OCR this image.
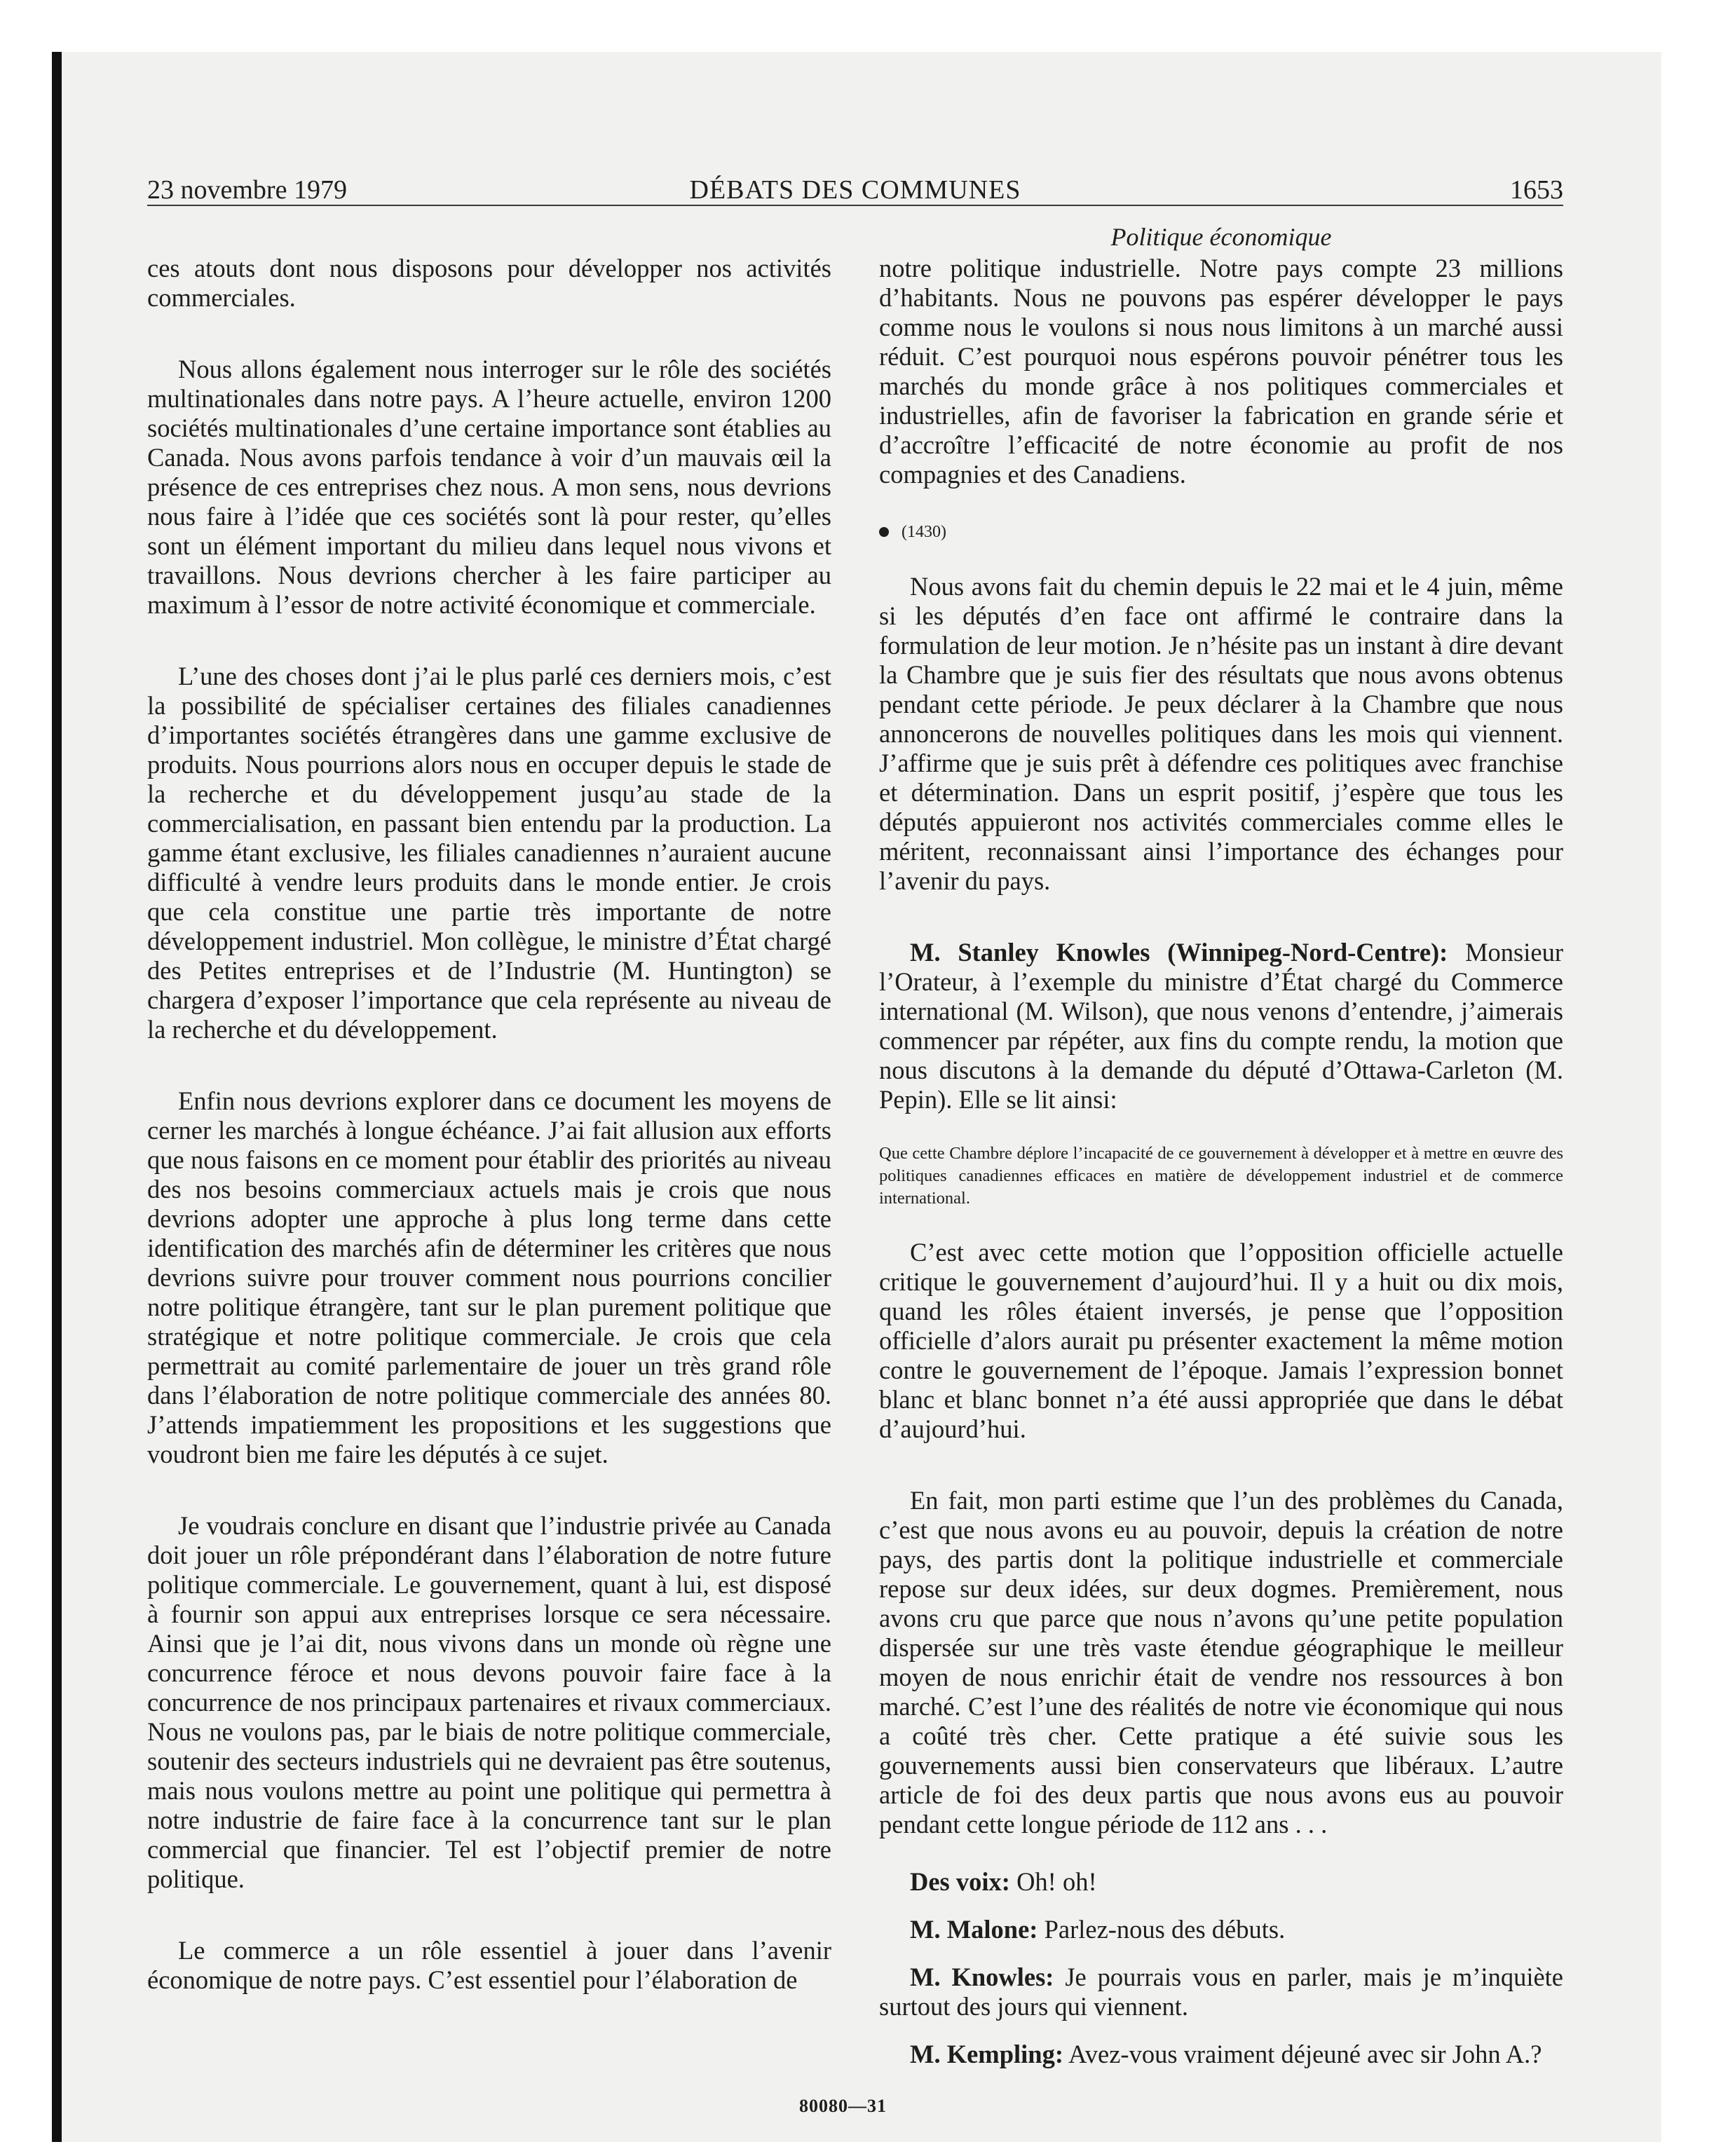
23 novembre 1979	DÉBATS DES COMMUNES	1653
Politique économique

ces atouts dont nous disposons pour développer nos activités commerciales.

Nous allons également nous interroger sur le rôle des sociétés multinationales dans notre pays. A l’heure actuelle, environ 1200 sociétés multinationales d’une certaine importance sont établies au Canada. Nous avons parfois tendance à voir d’un mauvais œil la présence de ces entreprises chez nous. A mon sens, nous devrions nous faire à l’idée que ces sociétés sont là pour rester, qu’elles sont un élément important du milieu dans lequel nous vivons et travaillons. Nous devrions chercher à les faire participer au maximum à l’essor de notre activité économique et commerciale.

L’une des choses dont j’ai le plus parlé ces derniers mois, c’est la possibilité de spécialiser certaines des filiales canadiennes d’importantes sociétés étrangères dans une gamme exclusive de produits. Nous pourrions alors nous en occuper depuis le stade de la recherche et du développement jusqu’au stade de la commercialisation, en passant bien entendu par la production. La gamme étant exclusive, les filiales canadiennes n’auraient aucune difficulté à vendre leurs produits dans le monde entier. Je crois que cela constitue une partie très importante de notre développement industriel. Mon collègue, le ministre d’État chargé des Petites entreprises et de l’Industrie (M. Huntington) se chargera d’exposer l’importance que cela représente au niveau de la recherche et du développement.

Enfin nous devrions explorer dans ce document les moyens de cerner les marchés à longue échéance. J’ai fait allusion aux efforts que nous faisons en ce moment pour établir des priorités au niveau des nos besoins commerciaux actuels mais je crois que nous devrions adopter une approche à plus long terme dans cette identification des marchés afin de déterminer les critères que nous devrions suivre pour trouver comment nous pourrions concilier notre politique étrangère, tant sur le plan purement politique que stratégique et notre politique commerciale. Je crois que cela permettrait au comité parlementaire de jouer un très grand rôle dans l’élaboration de notre politique commerciale des années 80. J’attends impatiemment les propositions et les suggestions que voudront bien me faire les députés à ce sujet.

Je voudrais conclure en disant que l’industrie privée au Canada doit jouer un rôle prépondérant dans l’élaboration de notre future politique commerciale. Le gouvernement, quant à lui, est disposé à fournir son appui aux entreprises lorsque ce sera nécessaire. Ainsi que je l’ai dit, nous vivons dans un monde où règne une concurrence féroce et nous devons pouvoir faire face à la concurrence de nos principaux partenaires et rivaux commerciaux. Nous ne voulons pas, par le biais de notre politique commerciale, soutenir des secteurs industriels qui ne devraient pas être soutenus, mais nous voulons mettre au point une politique qui permettra à notre industrie de faire face à la concurrence tant sur le plan commercial que financier. Tel est l’objectif premier de notre politique.

Le commerce a un rôle essentiel à jouer dans l’avenir économique de notre pays. C’est essentiel pour l’élaboration de

notre politique industrielle. Notre pays compte 23 millions d’habitants. Nous ne pouvons pas espérer développer le pays comme nous le voulons si nous nous limitons à un marché aussi réduit. C’est pourquoi nous espérons pouvoir pénétrer tous les marchés du monde grâce à nos politiques commerciales et industrielles, afin de favoriser la fabrication en grande série et d’accroître l’efficacité de notre économie au profit de nos compagnies et des Canadiens.

(1430)

Nous avons fait du chemin depuis le 22 mai et le 4 juin, même si les députés d’en face ont affirmé le contraire dans la formulation de leur motion. Je n’hésite pas un instant à dire devant la Chambre que je suis fier des résultats que nous avons obtenus pendant cette période. Je peux déclarer à la Chambre que nous annoncerons de nouvelles politiques dans les mois qui viennent. J’affirme que je suis prêt à défendre ces politiques avec franchise et détermination. Dans un esprit positif, j’espère que tous les députés appuieront nos activités commerciales comme elles le méritent, reconnaissant ainsi l’importance des échanges pour l’avenir du pays.

M. Stanley Knowles (Winnipeg-Nord-Centre): Monsieur l’Orateur, à l’exemple du ministre d’État chargé du Commerce international (M. Wilson), que nous venons d’entendre, j’aimerais commencer par répéter, aux fins du compte rendu, la motion que nous discutons à la demande du député d’Ottawa-Carleton (M. Pepin). Elle se lit ainsi:

Que cette Chambre déplore l’incapacité de ce gouvernement à développer et à mettre en œuvre des politiques canadiennes efficaces en matière de développement industriel et de commerce international.

C’est avec cette motion que l’opposition officielle actuelle critique le gouvernement d’aujourd’hui. Il y a huit ou dix mois, quand les rôles étaient inversés, je pense que l’opposition officielle d’alors aurait pu présenter exactement la même motion contre le gouvernement de l’époque. Jamais l’expression bonnet blanc et blanc bonnet n’a été aussi appropriée que dans le débat d’aujourd’hui.

En fait, mon parti estime que l’un des problèmes du Canada, c’est que nous avons eu au pouvoir, depuis la création de notre pays, des partis dont la politique industrielle et commerciale repose sur deux idées, sur deux dogmes. Premièrement, nous avons cru que parce que nous n’avons qu’une petite population dispersée sur une très vaste étendue géographique le meilleur moyen de nous enrichir était de vendre nos ressources à bon marché. C’est l’une des réalités de notre vie économique qui nous a coûté très cher. Cette pratique a été suivie sous les gouvernements aussi bien conservateurs que libéraux. L’autre article de foi des deux partis que nous avons eus au pouvoir pendant cette longue période de 112 ans . . .

Des voix: Oh! oh!

M. Malone: Parlez-nous des débuts.

M. Knowles: Je pourrais vous en parler, mais je m’inquiète surtout des jours qui viennent.

M. Kempling: Avez-vous vraiment déjeuné avec sir John A.?

80080—31
